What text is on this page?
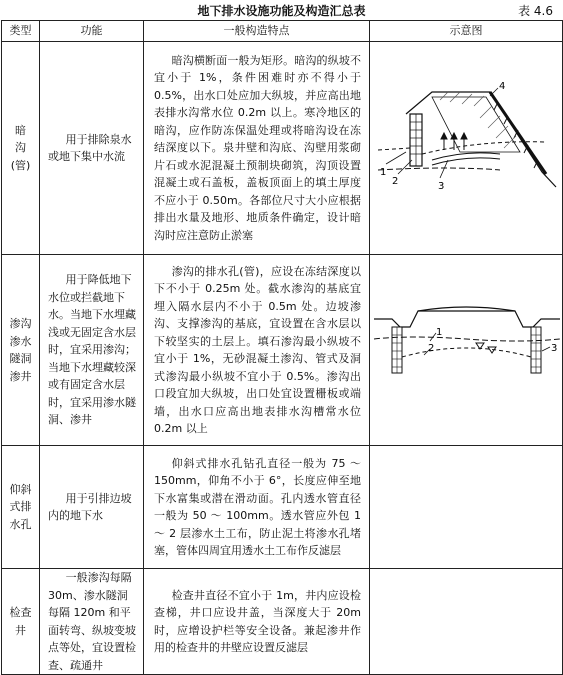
地下排水设施功能及构造汇总表	表 4.6
类型	功能	一般构造特点	示意图

暗
沟
(管)	用于排除泉水或地下集中水流	暗沟横断面一般为矩形。暗沟的纵坡不宜小于 1%，条件困难时亦不得小于 0.5%，出水口处应加大纵坡，并应高出地表排水沟常水位 0.2m 以上。寒冷地区的暗沟，应作防冻保温处理或将暗沟设在冻结深度以下。泉井壁和沟底、沟壁用浆砌片石或水泥混凝土预制块砌筑，沟顶设置混凝土或石盖板，盖板顶面上的填土厚度不应小于 0.50m。各部位尺寸大小应根据排出水量及地形、地质条件确定，设计暗沟时应注意防止淤塞	1
2 3
4

渗沟
渗水
隧洞
渗井	用于降低地下水位或拦截地下水。当地下水埋藏浅或无固定含水层时，宜采用渗沟；当地下水埋藏较深或有固定含水层时，宜采用渗水隧洞、渗井	渗沟的排水孔(管)，应设在冻结深度以下不小于 0.25m 处。截水渗沟的基底宜埋入隔水层内不小于 0.5m 处。边坡渗沟、支撑渗沟的基底，宜设置在含水层以下较坚实的土层上。填石渗沟最小纵坡不宜小于 1%，无砂混凝土渗沟、管式及洞式渗沟最小纵坡不宜小于 0.5%。渗沟出口段宜加大纵坡，出口处宜设置栅板或端墙，出水口应高出地表排水沟槽常水位 0.2m 以上	1
2 3

仰斜
式排
水孔	用于引排边坡内的地下水	仰斜式排水孔钻孔直径一般为 75 ～ 150mm，仰角不小于 6°，长度应伸至地下水富集或潜在滑动面。孔内透水管直径一般为 50 ～ 100mm。透水管应外包 1 ～ 2 层渗水土工布，防止泥土将渗水孔堵塞，管体四周宜用透水土工布作反滤层	

检查
井	一般渗沟每隔 30m、渗水隧洞每隔 120m 和平面转弯、纵坡变坡点等处，宜设置检查、疏通井	检查井直径不宜小于 1m，井内应设检查梯，井口应设井盖，当深度大于 20m 时，应增设护栏等安全设备。兼起渗井作用的检查井的井壁应设置反滤层	
